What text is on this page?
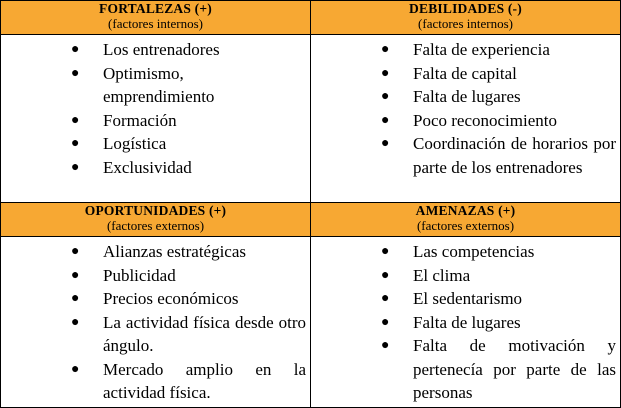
FORTALEZAS (+)
(factores internos)
●	Los entrenadores
●	Optimismo, emprendimiento
●	Formación
●	Logística
●	Exclusividad
DEBILIDADES (-)
(factores internos)
●	Falta de experiencia
●	Falta de capital
●	Falta de lugares
●	Poco reconocimiento
●	Coordinación de horarios por parte de los entrenadores
OPORTUNIDADES (+)
(factores externos)
●	Alianzas estratégicas
●	Publicidad
●	Precios económicos
●	La actividad física desde otro ángulo.
●	Mercado amplio en la actividad física.
AMENAZAS (+)
(factores externos)
●	Las competencias
●	El clima
●	El sedentarismo
●	Falta de lugares
●	Falta de motivación y pertenecía por parte de las personas
